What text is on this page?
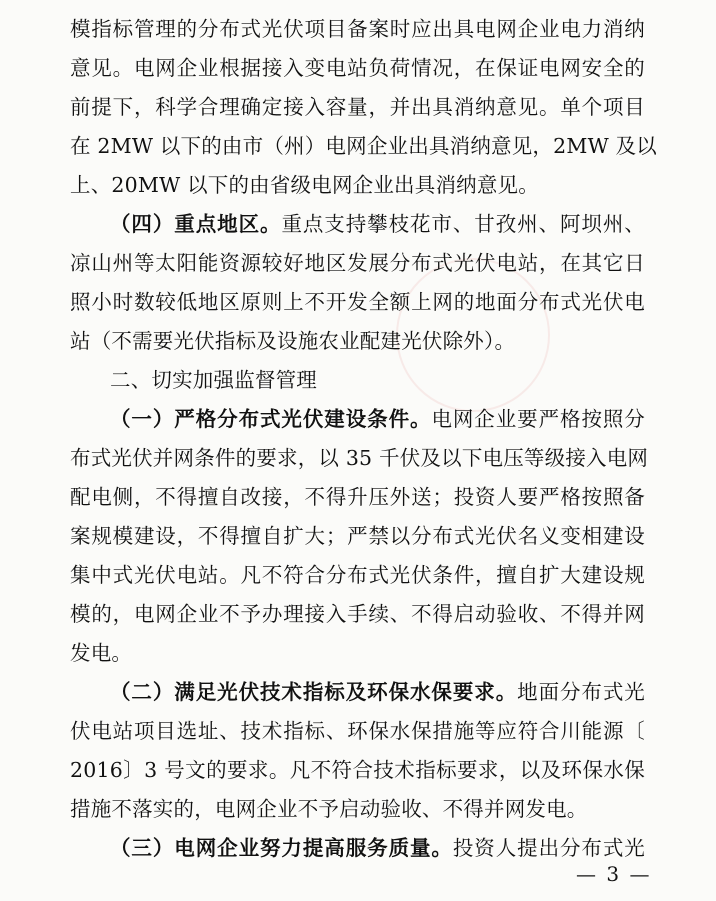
模指标管理的分布式光伏项目备案时应出具电网企业电力消纳
意见。电网企业根据接入变电站负荷情况，在保证电网安全的
前提下，科学合理确定接入容量，并出具消纳意见。单个项目
在 2MW 以下的由市（州）电网企业出具消纳意见，2MW 及以
上、20MW 以下的由省级电网企业出具消纳意见。
（四）重点地区。重点支持攀枝花市、甘孜州、阿坝州、
凉山州等太阳能资源较好地区发展分布式光伏电站，在其它日
照小时数较低地区原则上不开发全额上网的地面分布式光伏电
站（不需要光伏指标及设施农业配建光伏除外）。
二、切实加强监督管理
（一）严格分布式光伏建设条件。电网企业要严格按照分
布式光伏并网条件的要求，以 35 千伏及以下电压等级接入电网
配电侧，不得擅自改接，不得升压外送；投资人要严格按照备
案规模建设，不得擅自扩大；严禁以分布式光伏名义变相建设
集中式光伏电站。凡不符合分布式光伏条件，擅自扩大建设规
模的，电网企业不予办理接入手续、不得启动验收、不得并网
发电。
（二）满足光伏技术指标及环保水保要求。地面分布式光
伏电站项目选址、技术指标、环保水保措施等应符合川能源〔
2016〕3 号文的要求。凡不符合技术指标要求，以及环保水保
措施不落实的，电网企业不予启动验收、不得并网发电。
（三）电网企业努力提高服务质量。投资人提出分布式光
— 3 —
